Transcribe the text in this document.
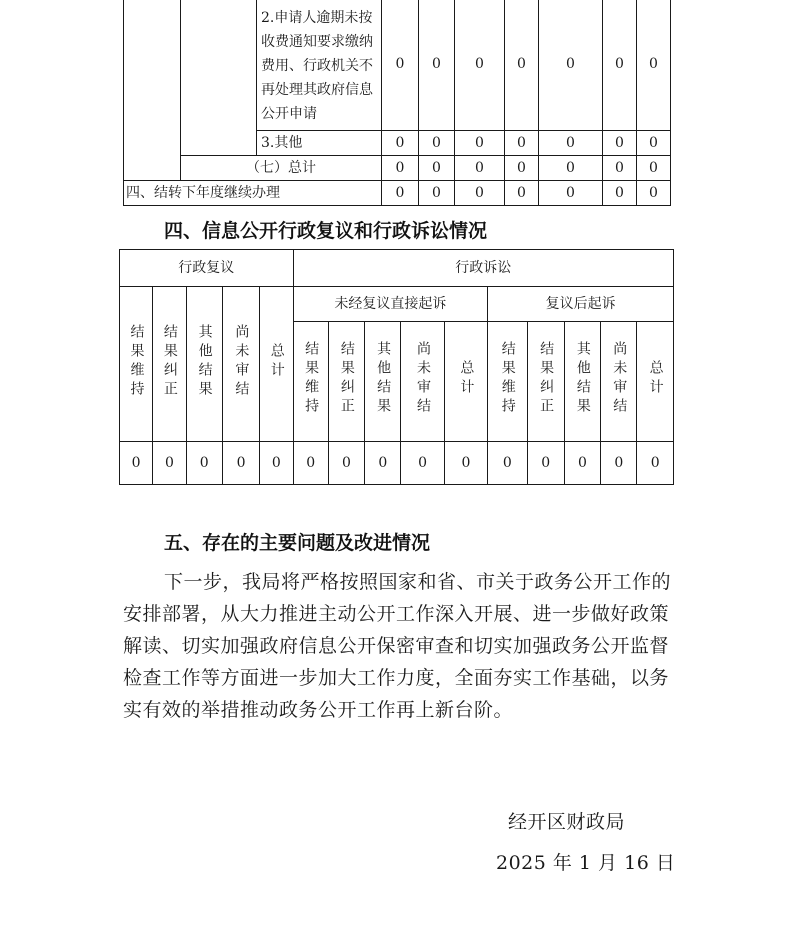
		2.申请人逾期未按收费通知要求缴纳费用、行政机关不再处理其政府信息公开申请	0	0	0	0	0	0	0
		3.其他	0	0	0	0	0	0	0
	（七）总计		0	0	0	0	0	0	0
四、结转下年度继续办理			0	0	0	0	0	0	0
四、信息公开行政复议和行政诉讼情况
行政复议					行政诉讼									
结果维持	结果纠正	其他结果	尚未审结	总计	未经复议直接起诉					复议后起诉				
					结果维持	结果纠正	其他结果	尚未审结	总计	结果维持	结果纠正	其他结果	尚未审结	总计
0	0	0	0	0	0	0	0	0	0	0	0	0	0	0
五、存在的主要问题及改进情况
下一步，我局将严格按照国家和省、市关于政务公开工作的安排部署，从大力推进主动公开工作深入开展、进一步做好政策解读、切实加强政府信息公开保密审查和切实加强政务公开监督检查工作等方面进一步加大工作力度，全面夯实工作基础，以务实有效的举措推动政务公开工作再上新台阶。
经开区财政局
2025 年 1 月 16 日
